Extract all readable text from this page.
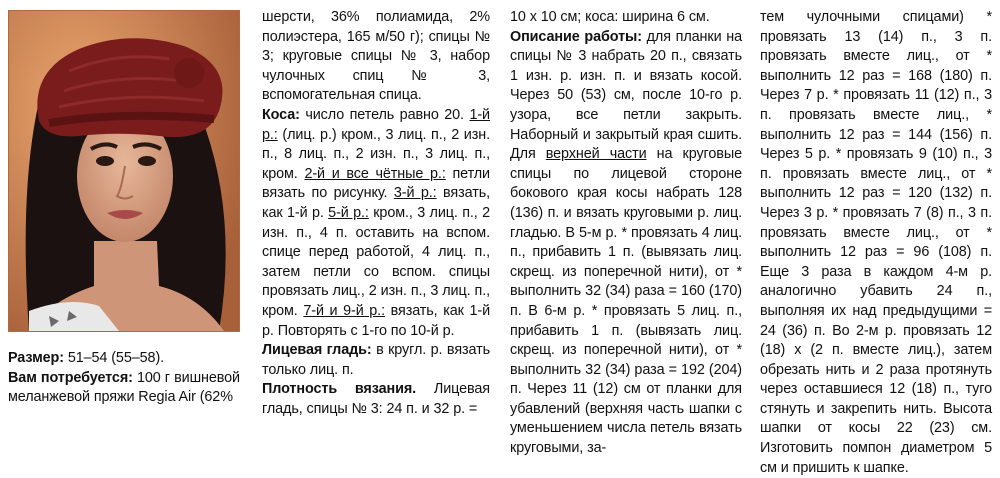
Размер: 51–54 (55–58).

Вам потребуется: 100 г вишневой меланжевой пряжи Regia Air (62%

шерсти, 36% полиамида, 2% полиэстера, 165 м/50 г); спицы № 3; круговые спицы № 3, набор чулочных спиц № 3, вспомогательная спица.

Коса: число петель равно 20. 1-й р.: (лиц. р.) кром., 3 лиц. п., 2 изн. п., 8 лиц. п., 2 изн. п., 3 лиц. п., кром. 2-й и все чётные р.: петли вязать по рисунку. 3-й р.: вязать, как 1-й р. 5-й р.: кром., 3 лиц. п., 2 изн. п., 4 п. оставить на вспом. спице перед работой, 4 лиц. п., затем петли со вспом. спицы провязать лиц., 2 изн. п., 3 лиц. п., кром. 7-й и 9-й р.: вязать, как 1-й р. Повторять с 1-го по 10-й р.

Лицевая гладь: в кругл. р. вязать только лиц. п.

Плотность вязания. Лицевая гладь, спицы № 3: 24 п. и 32 р. =

10 х 10 см; коса: ширина 6 см.

Описание работы: для планки на спицы № 3 набрать 20 п., связать 1 изн. р. изн. п. и вязать косой. Через 50 (53) см, после 10-го р. узора, все петли закрыть. Наборный и закрытый края сшить. Для верхней части на круговые спицы по лицевой стороне бокового края косы набрать 128 (136) п. и вязать круговыми р. лиц. гладью. В 5-м р. * провязать 4 лиц. п., прибавить 1 п. (вывязать лиц. скрещ. из поперечной нити), от * выполнить 32 (34) раза = 160 (170) п. В 6-м р. * провязать 5 лиц. п., прибавить 1 п. (вывязать лиц. скрещ. из поперечной нити), от * выполнить 32 (34) раза = 192 (204) п. Через 11 (12) см от планки для убавлений (верхняя часть шапки с уменьшением числа петель вязать круговыми, за-

тем чулочными спицами) * провязать 13 (14) п., 3 п. провязать вместе лиц., от * выполнить 12 раз = 168 (180) п. Через 7 р. * провязать 11 (12) п., 3 п. провязать вместе лиц., * выполнить 12 раз = 144 (156) п. Через 5 р. * провязать 9 (10) п., 3 п. провязать вместе лиц., от * выполнить 12 раз = 120 (132) п. Через 3 р. * провязать 7 (8) п., 3 п. провязать вместе лиц., от * выполнить 12 раз = 96 (108) п. Еще 3 раза в каждом 4-м р. аналогично убавить 24 п., выполняя их над предыдущими = 24 (36) п. Во 2-м р. провязать 12 (18) х (2 п. вместе лиц.), затем обрезать нить и 2 раза протянуть через оставшиеся 12 (18) п., туго стянуть и закрепить нить. Высота шапки от косы 22 (23) см. Изготовить помпон диаметром 5 см и пришить к шапке.
